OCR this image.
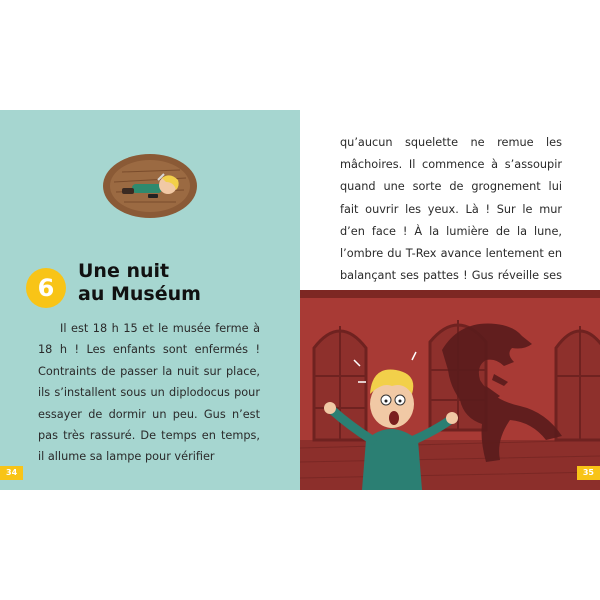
6
Une nuit
au Muséum

Il est 18 h 15 et le musée ferme à 18 h ! Les enfants sont enfermés ! Contraints de passer la nuit sur place, ils s’installent sous un diplodocus pour essayer de dormir un peu. Gus n’est pas très rassuré. De temps en temps, il allume sa lampe pour vérifier

34

qu’aucun squelette ne remue les mâchoires. Il commence à s’assoupir quand une sorte de grognement lui fait ouvrir les yeux. Là ! Sur le mur d’en face ! À la lumière de la lune, l’ombre du T-Rex avance lentement en balançant ses pattes ! Gus réveille ses

35
